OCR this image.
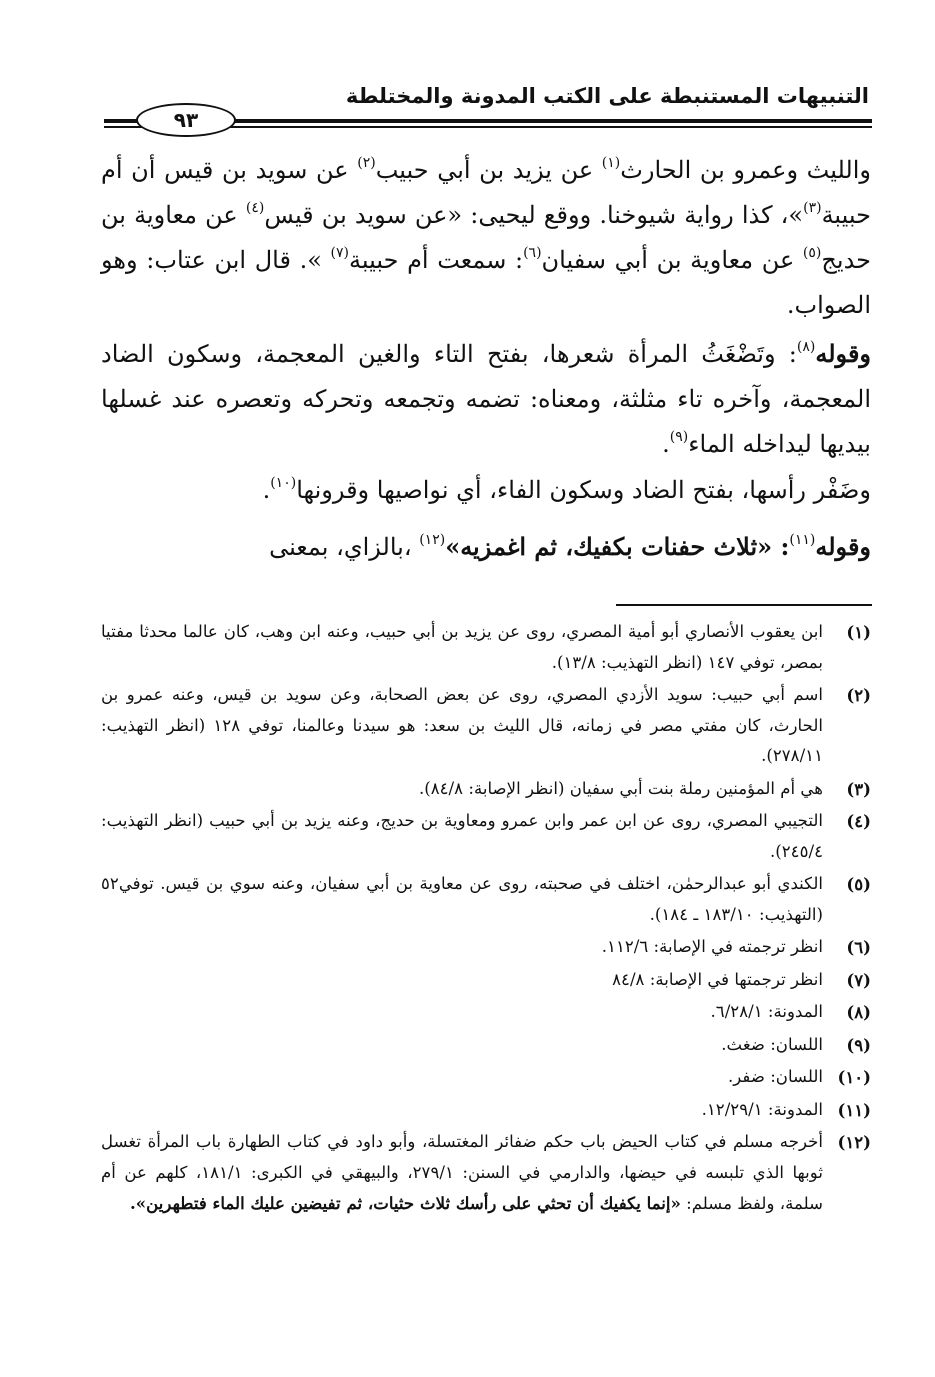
التنبيهات المستنبطة على الكتب المدونة والمختلطة
٩٣
والليث وعمرو بن الحارث$^{(١)}$ عن يزيد بن أبي حبيب$^{(٢)}$ عن سويد بن قيس أن أم حبيبة$^{(٣)}$»، كذا رواية شيوخنا. ووقع ليحيى: «عن سويد بن قيس$^{(٤)}$ عن معاوية بن حديج$^{(٥)}$ عن معاوية بن أبي سفيان$^{(٦)}$: سمعت أم حبيبة$^{(٧)}$ ». قال ابن عتاب: وهو الصواب.
وقوله$^{(٨)}$: وتَضْغَثُ المرأة شعرها، بفتح التاء والغين المعجمة، وسكون الضاد المعجمة، وآخره تاء مثلثة، ومعناه: تضمه وتجمعه وتحركه وتعصره عند غسلها بيديها ليداخله الماء$^{(٩)}$.
وضَفْر رأسها، بفتح الضاد وسكون الفاء، أي نواصيها وقرونها$^{(١٠)}$.
وقوله$^{(١١)}$: «ثلاث حفنات بكفيك، ثم اغمزيه»$^{(١٢)}$ ،بالزاي، بمعنى
(١)
ابن يعقوب الأنصاري أبو أمية المصري، روى عن يزيد بن أبي حبيب، وعنه ابن وهب، كان عالما محدثا مفتيا بمصر، توفي ١٤٧ (انظر التهذيب: ١٣/٨).
(٢)
اسم أبي حبيب: سويد الأزدي المصري، روى عن بعض الصحابة، وعن سويد بن قيس، وعنه عمرو بن الحارث، كان مفتي مصر في زمانه، قال الليث بن سعد: هو سيدنا وعالمنا، توفي ١٢٨ (انظر التهذيب: ٢٧٨/١١).
(٣)
هي أم المؤمنين رملة بنت أبي سفيان (انظر الإصابة: ٨٤/٨).
(٤)
التجيبي المصري، روى عن ابن عمر وابن عمرو ومعاوية بن حديج، وعنه يزيد بن أبي حبيب (انظر التهذيب: ٢٤٥/٤).
(٥)
الكندي أبو عبدالرحمٰن، اختلف في صحبته، روى عن معاوية بن أبي سفيان، وعنه سوي بن قيس. توفي٥٢ (التهذيب: ١٨٣/١٠ ـ ١٨٤).
(٦)
انظر ترجمته في الإصابة: ١١٢/٦.
(٧)
انظر ترجمتها في الإصابة: ٨٤/٨
(٨)
المدونة: ٦/٢٨/١.
(٩)
اللسان: ضغث.
(١٠)
اللسان: ضفر.
(١١)
المدونة: ١٢/٢٩/١.
(١٢)
أخرجه مسلم في كتاب الحيض باب حكم ضفائر المغتسلة، وأبو داود في كتاب الطهارة باب المرأة تغسل ثوبها الذي تلبسه في حيضها، والدارمي في السنن: ٢٧٩/١، والبيهقي في الكبرى: ١٨١/١، كلهم عن أم سلمة، ولفظ مسلم: «إنما يكفيك أن تحثي على رأسك ثلاث حثيات، ثم تفيضين عليك الماء فتطهرين».
